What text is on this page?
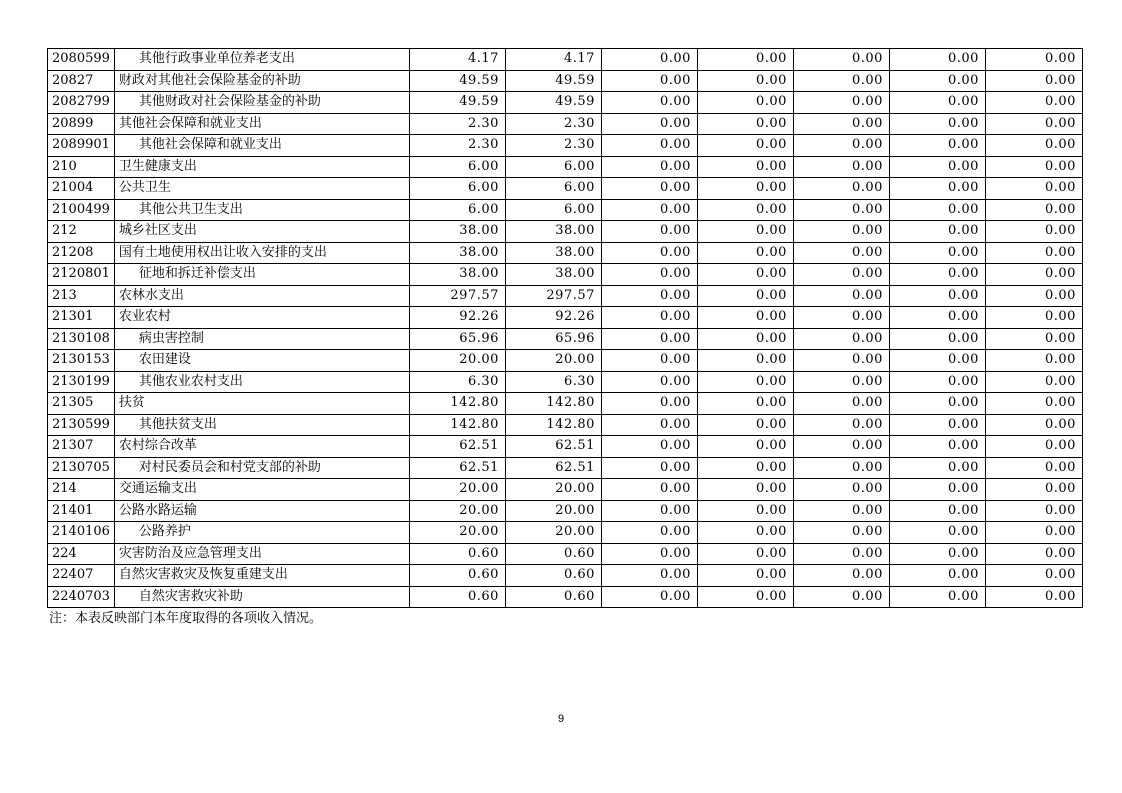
2080599	其他行政事业单位养老支出	4.17	4.17	0.00	0.00	0.00	0.00	0.00
20827	财政对其他社会保险基金的补助	49.59	49.59	0.00	0.00	0.00	0.00	0.00
2082799	其他财政对社会保险基金的补助	49.59	49.59	0.00	0.00	0.00	0.00	0.00
20899	其他社会保障和就业支出	2.30	2.30	0.00	0.00	0.00	0.00	0.00
2089901	其他社会保障和就业支出	2.30	2.30	0.00	0.00	0.00	0.00	0.00
210	卫生健康支出	6.00	6.00	0.00	0.00	0.00	0.00	0.00
21004	公共卫生	6.00	6.00	0.00	0.00	0.00	0.00	0.00
2100499	其他公共卫生支出	6.00	6.00	0.00	0.00	0.00	0.00	0.00
212	城乡社区支出	38.00	38.00	0.00	0.00	0.00	0.00	0.00
21208	国有土地使用权出让收入安排的支出	38.00	38.00	0.00	0.00	0.00	0.00	0.00
2120801	征地和拆迁补偿支出	38.00	38.00	0.00	0.00	0.00	0.00	0.00
213	农林水支出	297.57	297.57	0.00	0.00	0.00	0.00	0.00
21301	农业农村	92.26	92.26	0.00	0.00	0.00	0.00	0.00
2130108	病虫害控制	65.96	65.96	0.00	0.00	0.00	0.00	0.00
2130153	农田建设	20.00	20.00	0.00	0.00	0.00	0.00	0.00
2130199	其他农业农村支出	6.30	6.30	0.00	0.00	0.00	0.00	0.00
21305	扶贫	142.80	142.80	0.00	0.00	0.00	0.00	0.00
2130599	其他扶贫支出	142.80	142.80	0.00	0.00	0.00	0.00	0.00
21307	农村综合改革	62.51	62.51	0.00	0.00	0.00	0.00	0.00
2130705	对村民委员会和村党支部的补助	62.51	62.51	0.00	0.00	0.00	0.00	0.00
214	交通运输支出	20.00	20.00	0.00	0.00	0.00	0.00	0.00
21401	公路水路运输	20.00	20.00	0.00	0.00	0.00	0.00	0.00
2140106	公路养护	20.00	20.00	0.00	0.00	0.00	0.00	0.00
224	灾害防治及应急管理支出	0.60	0.60	0.00	0.00	0.00	0.00	0.00
22407	自然灾害救灾及恢复重建支出	0.60	0.60	0.00	0.00	0.00	0.00	0.00
2240703	自然灾害救灾补助	0.60	0.60	0.00	0.00	0.00	0.00	0.00
注：本表反映部门本年度取得的各项收入情况。
9
